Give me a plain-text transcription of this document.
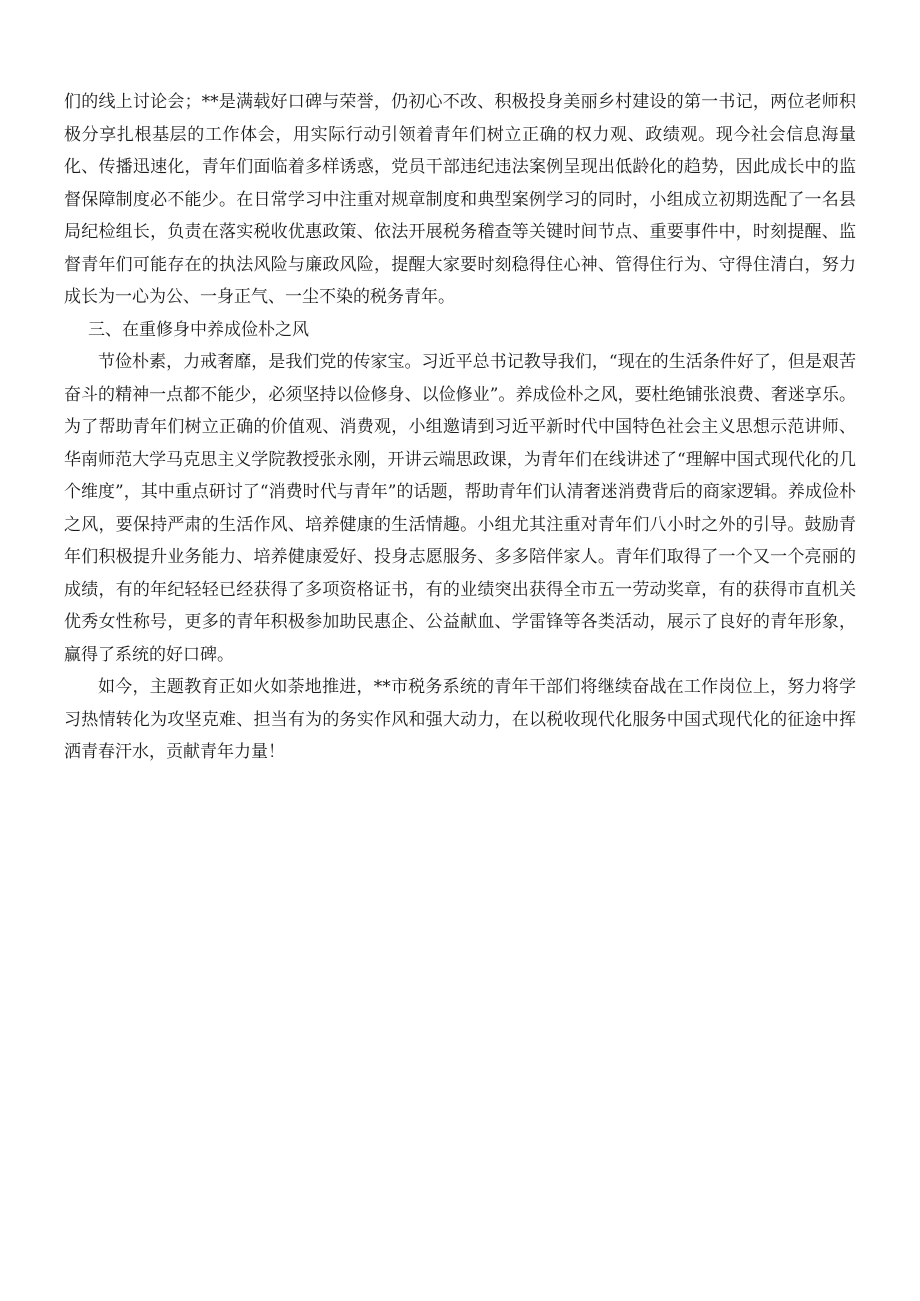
们的线上讨论会；**是满载好口碑与荣誉，仍初心不改、积极投身美丽乡村建设的第一书记，两位老师积极分享扎根基层的工作体会，用实际行动引领着青年们树立正确的权力观、政绩观。现今社会信息海量化、传播迅速化，青年们面临着多样诱惑，党员干部违纪违法案例呈现出低龄化的趋势，因此成长中的监督保障制度必不能少。在日常学习中注重对规章制度和典型案例学习的同时，小组成立初期选配了一名县局纪检组长，负责在落实税收优惠政策、依法开展税务稽查等关键时间节点、重要事件中，时刻提醒、监督青年们可能存在的执法风险与廉政风险，提醒大家要时刻稳得住心神、管得住行为、守得住清白，努力成长为一心为公、一身正气、一尘不染的税务青年。

三、在重修身中养成俭朴之风

节俭朴素，力戒奢靡，是我们党的传家宝。习近平总书记教导我们，“现在的生活条件好了，但是艰苦奋斗的精神一点都不能少，必须坚持以俭修身、以俭修业”。养成俭朴之风，要杜绝铺张浪费、奢迷享乐。为了帮助青年们树立正确的价值观、消费观，小组邀请到习近平新时代中国特色社会主义思想示范讲师、华南师范大学马克思主义学院教授张永刚，开讲云端思政课，为青年们在线讲述了“理解中国式现代化的几个维度”，其中重点研讨了“消费时代与青年”的话题，帮助青年们认清奢迷消费背后的商家逻辑。养成俭朴之风，要保持严肃的生活作风、培养健康的生活情趣。小组尤其注重对青年们八小时之外的引导。鼓励青年们积极提升业务能力、培养健康爱好、投身志愿服务、多多陪伴家人。青年们取得了一个又一个亮丽的成绩，有的年纪轻轻已经获得了多项资格证书，有的业绩突出获得全市五一劳动奖章，有的获得市直机关优秀女性称号，更多的青年积极参加助民惠企、公益献血、学雷锋等各类活动，展示了良好的青年形象，赢得了系统的好口碑。

如今，主题教育正如火如荼地推进，**市税务系统的青年干部们将继续奋战在工作岗位上，努力将学习热情转化为攻坚克难、担当有为的务实作风和强大动力，在以税收现代化服务中国式现代化的征途中挥洒青春汗水，贡献青年力量！
